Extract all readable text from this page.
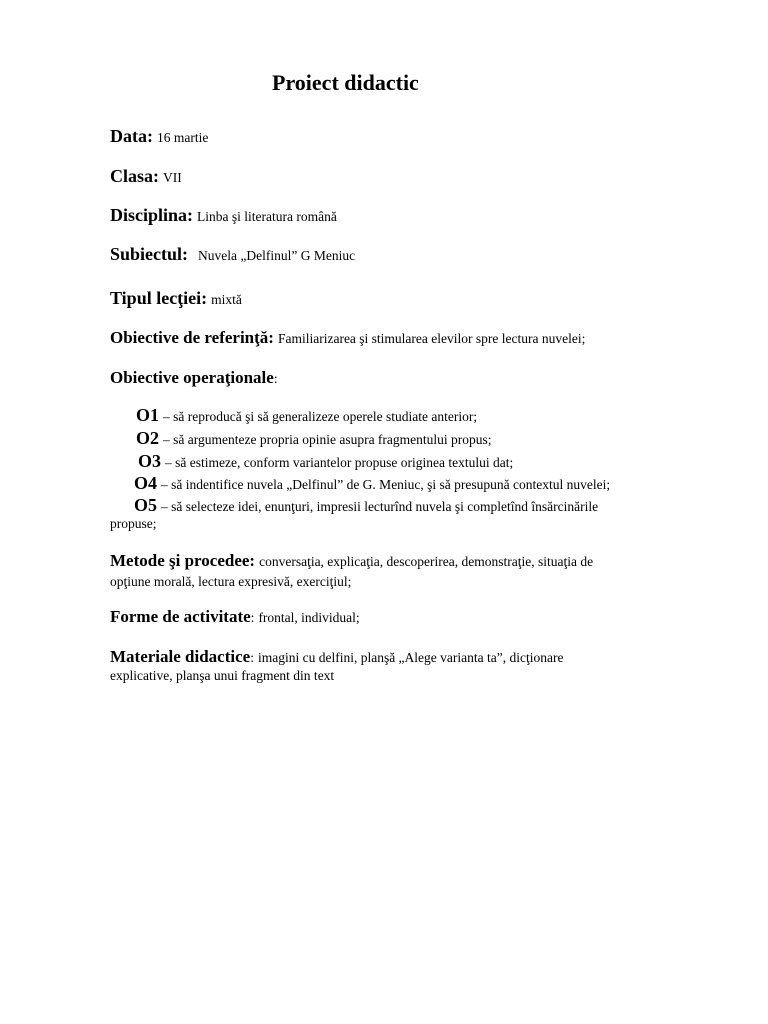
Proiect didactic
Data: 16 martie
Clasa: VII
Disciplina: Linba şi literatura română
Subiectul: Nuvela „Delfinul” G Meniuc
Tipul lecţiei: mixtă
Obiective de referinţă: Familiarizarea şi stimularea elevilor spre lectura nuvelei;
Obiective operaţionale:
O1 – să reproducă şi să generalizeze operele studiate anterior;
O2 – să argumenteze propria opinie asupra fragmentului propus;
O3 – să estimeze, conform variantelor propuse originea textului dat;
O4 – să indentifice nuvela „Delfinul” de G. Meniuc, şi să presupună contextul nuvelei;
O5 – să selecteze idei, enunţuri, impresii lecturînd nuvela şi completînd însărcinările
propuse;
Metode şi procedee: conversaţia, explicaţia, descoperirea, demonstraţie, situaţia de
opţiune morală, lectura expresivă, exerciţiul;
Forme de activitate: frontal, individual;
Materiale didactice: imagini cu delfini, planşă „Alege varianta ta”, dicţionare
explicative, planşa unui fragment din text
